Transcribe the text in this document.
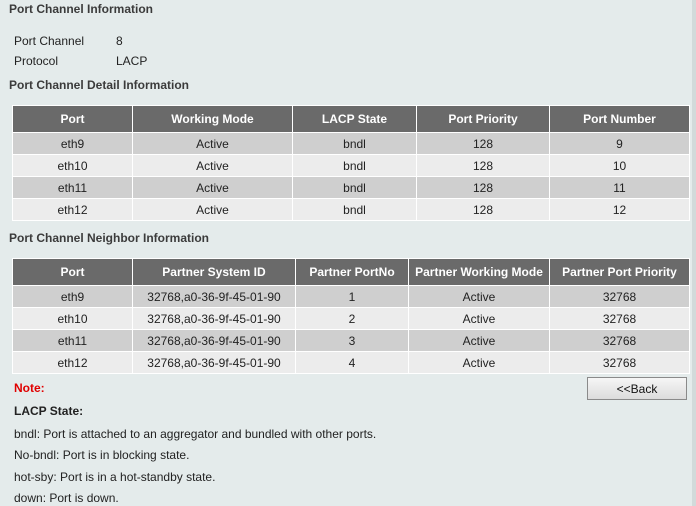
Port Channel Information
Port Channel	8
Protocol	LACP
Port Channel Detail Information
Port	Working Mode	LACP State	Port Priority	Port Number
eth9	Active	bndl	128	9
eth10	Active	bndl	128	10
eth11	Active	bndl	128	11
eth12	Active	bndl	128	12
Port Channel Neighbor Information
Port	Partner System ID	Partner PortNo	Partner Working Mode	Partner Port Priority
eth9	32768,a0-36-9f-45-01-90	1	Active	32768
eth10	32768,a0-36-9f-45-01-90	2	Active	32768
eth11	32768,a0-36-9f-45-01-90	3	Active	32768
eth12	32768,a0-36-9f-45-01-90	4	Active	32768
Note:	<<Back
LACP State:
bndl: Port is attached to an aggregator and bundled with other ports.
No-bndl: Port is in blocking state.
hot-sby: Port is in a hot-standby state.
down: Port is down.
